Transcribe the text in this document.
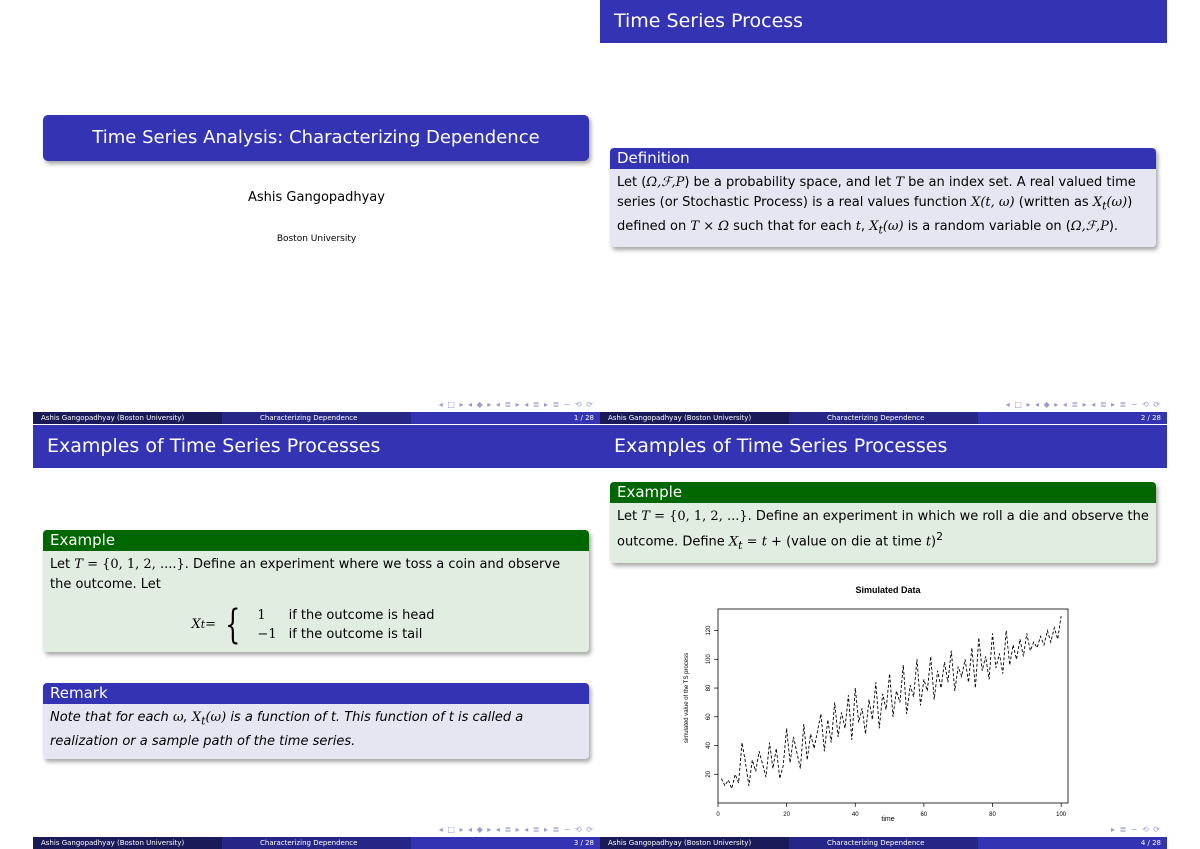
Time Series Analysis: Characterizing Dependence
Ashis Gangopadhyay
Boston University
◂ □ ▸ ◂ ◆ ▸ ◂ ≣ ▸ ◂ ≣ ▸ ≣ ∽ ⟲ ⟳
Ashis Gangopadhyay (Boston University)	Characterizing Dependence	1 / 28
Time Series Process
Definition
Let (Ω,ℱ,P) be a probability space, and let T be an index set. A real valued time series (or Stochastic Process) is a real values function X(t, ω) (written as $X_t(\omega)$) defined on T × Ω such that for each t, $X_t(\omega)$ is a random variable on (Ω,ℱ,P).
◂ □ ▸ ◂ ◆ ▸ ◂ ≣ ▸ ◂ ≣ ▸ ≣ ∽ ⟲ ⟳
Ashis Gangopadhyay (Boston University)	Characterizing Dependence	2 / 28
Examples of Time Series Processes
Example
Let T = {0, 1, 2, ....}. Define an experiment where we toss a coin and observe the outcome. Let
X t = { 1	if the outcome is head
−1	if the outcome is tail
Remark
Note that for each ω, $X_t(\omega)$ is a function of t. This function of t is called a realization or a sample path of the time series.
◂ □ ▸ ◂ ◆ ▸ ◂ ≣ ▸ ◂ ≣ ▸ ≣ ∽ ⟲ ⟳
Ashis Gangopadhyay (Boston University)	Characterizing Dependence	3 / 28
Examples of Time Series Processes
Example
Let T = {0, 1, 2, ...}. Define an experiment in which we roll a die and observe the outcome. Define $X_t = t$ + (value on die at time t)$^2$
Simulated Data
time
simulated value of the TS process
0	20	40	60	80	100
20
40
60
80
100
120
▸ ≣ ∽ ⟲ ⟳
Ashis Gangopadhyay (Boston University)	Characterizing Dependence	4 / 28
